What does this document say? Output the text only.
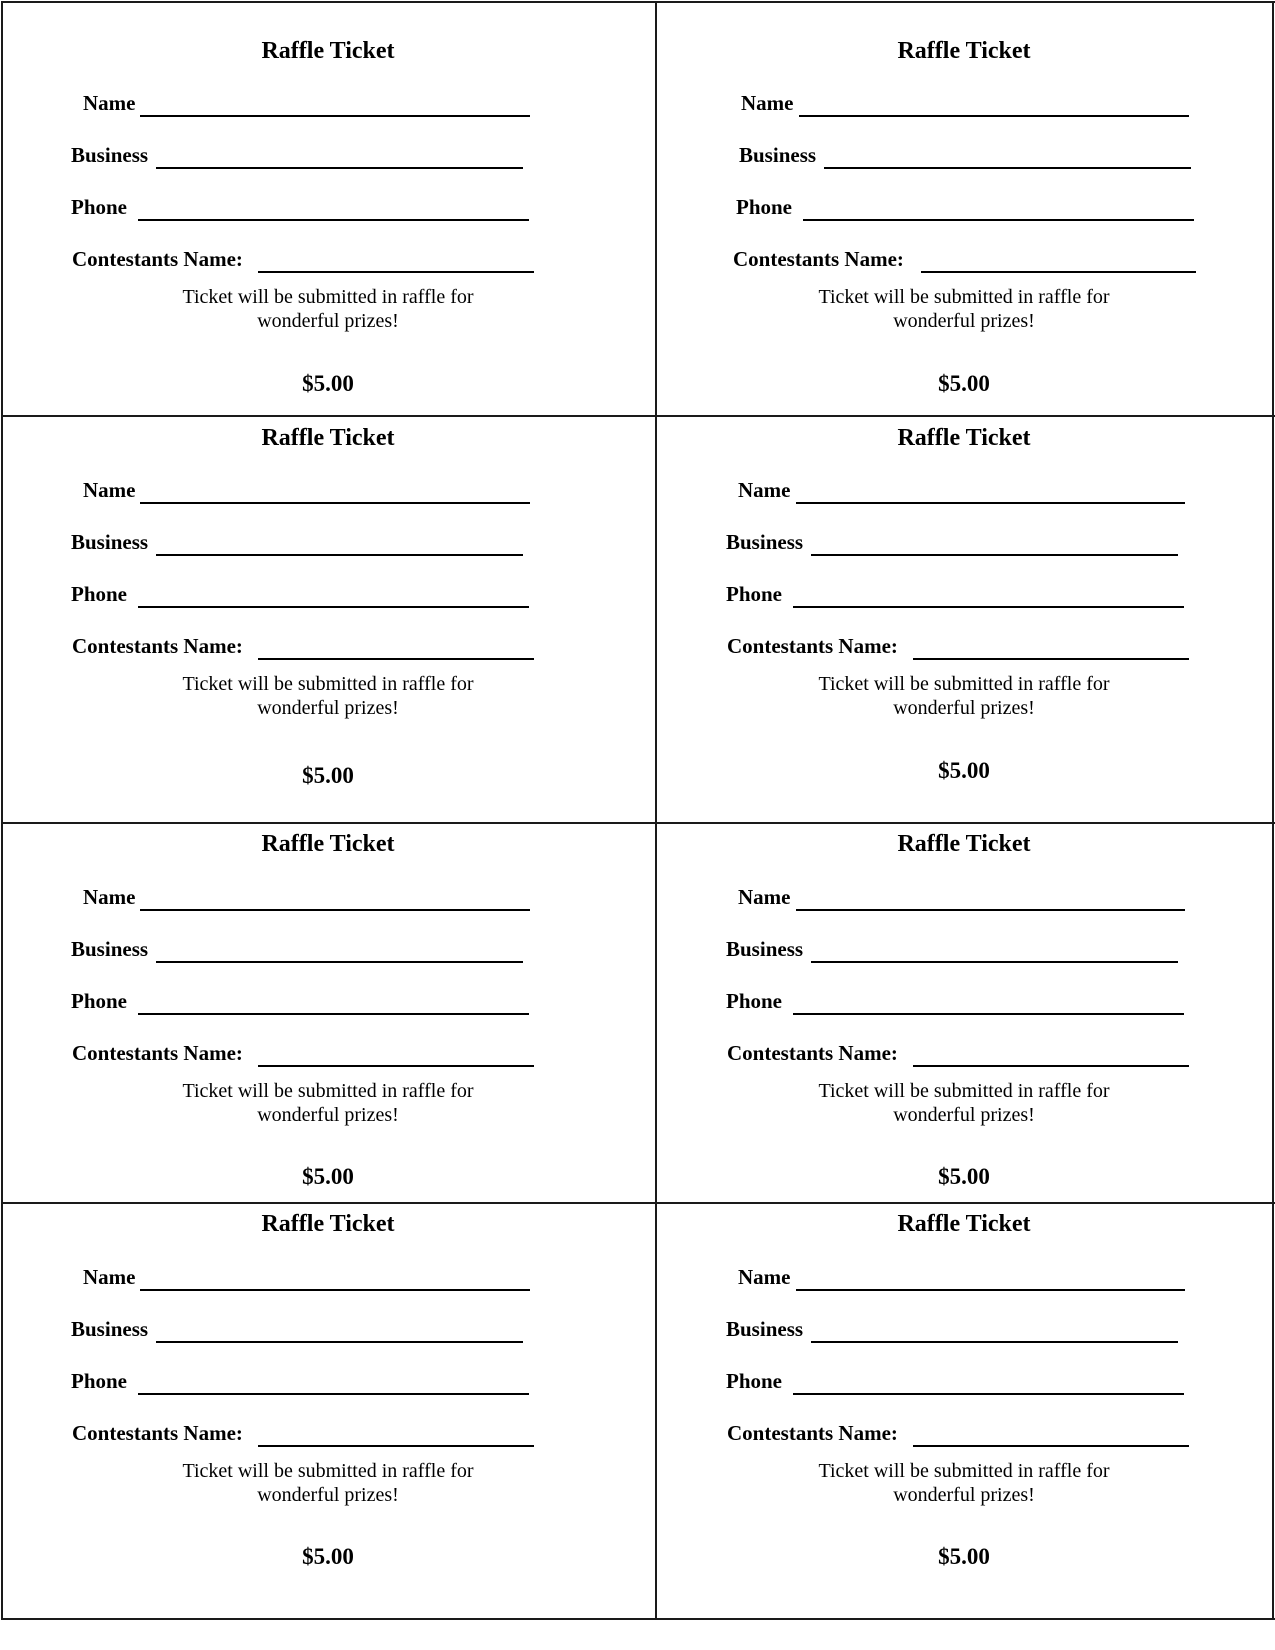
Raffle Ticket
Name
Business
Phone
Contestants Name:
Ticket will be submitted in raffle for
wonderful prizes!
$5.00
Raffle Ticket
Name
Business
Phone
Contestants Name:
Ticket will be submitted in raffle for
wonderful prizes!
$5.00
Raffle Ticket
Name
Business
Phone
Contestants Name:
Ticket will be submitted in raffle for
wonderful prizes!
$5.00
Raffle Ticket
Name
Business
Phone
Contestants Name:
Ticket will be submitted in raffle for
wonderful prizes!
$5.00
Raffle Ticket
Name
Business
Phone
Contestants Name:
Ticket will be submitted in raffle for
wonderful prizes!
$5.00
Raffle Ticket
Name
Business
Phone
Contestants Name:
Ticket will be submitted in raffle for
wonderful prizes!
$5.00
Raffle Ticket
Name
Business
Phone
Contestants Name:
Ticket will be submitted in raffle for
wonderful prizes!
$5.00
Raffle Ticket
Name
Business
Phone
Contestants Name:
Ticket will be submitted in raffle for
wonderful prizes!
$5.00
